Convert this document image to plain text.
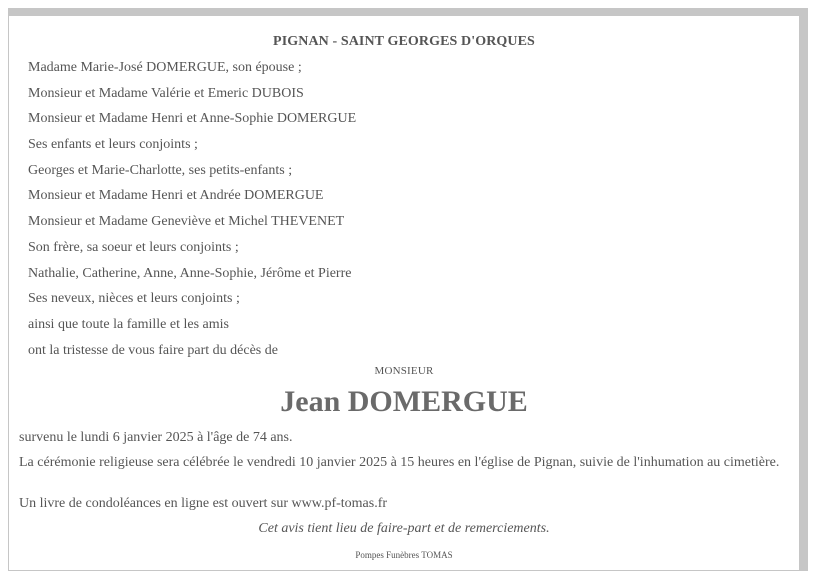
PIGNAN - SAINT GEORGES D'ORQUES
Madame Marie-José DOMERGUE, son épouse ;
Monsieur et Madame Valérie et Emeric DUBOIS
Monsieur et Madame Henri et Anne-Sophie DOMERGUE
Ses enfants et leurs conjoints ;
Georges et Marie-Charlotte, ses petits-enfants ;
Monsieur et Madame Henri et Andrée DOMERGUE
Monsieur et Madame Geneviève et Michel THEVENET
Son frère, sa soeur et leurs conjoints ;
Nathalie, Catherine, Anne, Anne-Sophie, Jérôme et Pierre
Ses neveux, nièces et leurs conjoints ;
ainsi que toute la famille et les amis
ont la tristesse de vous faire part du décès de
MONSIEUR
Jean DOMERGUE
survenu le lundi 6 janvier 2025 à l'âge de 74 ans.
La cérémonie religieuse sera célébrée le vendredi 10 janvier 2025 à 15 heures en l'église de Pignan, suivie de l'inhumation au cimetière.
Un livre de condoléances en ligne est ouvert sur www.pf-tomas.fr
Cet avis tient lieu de faire-part et de remerciements.
Pompes Funèbres TOMAS
